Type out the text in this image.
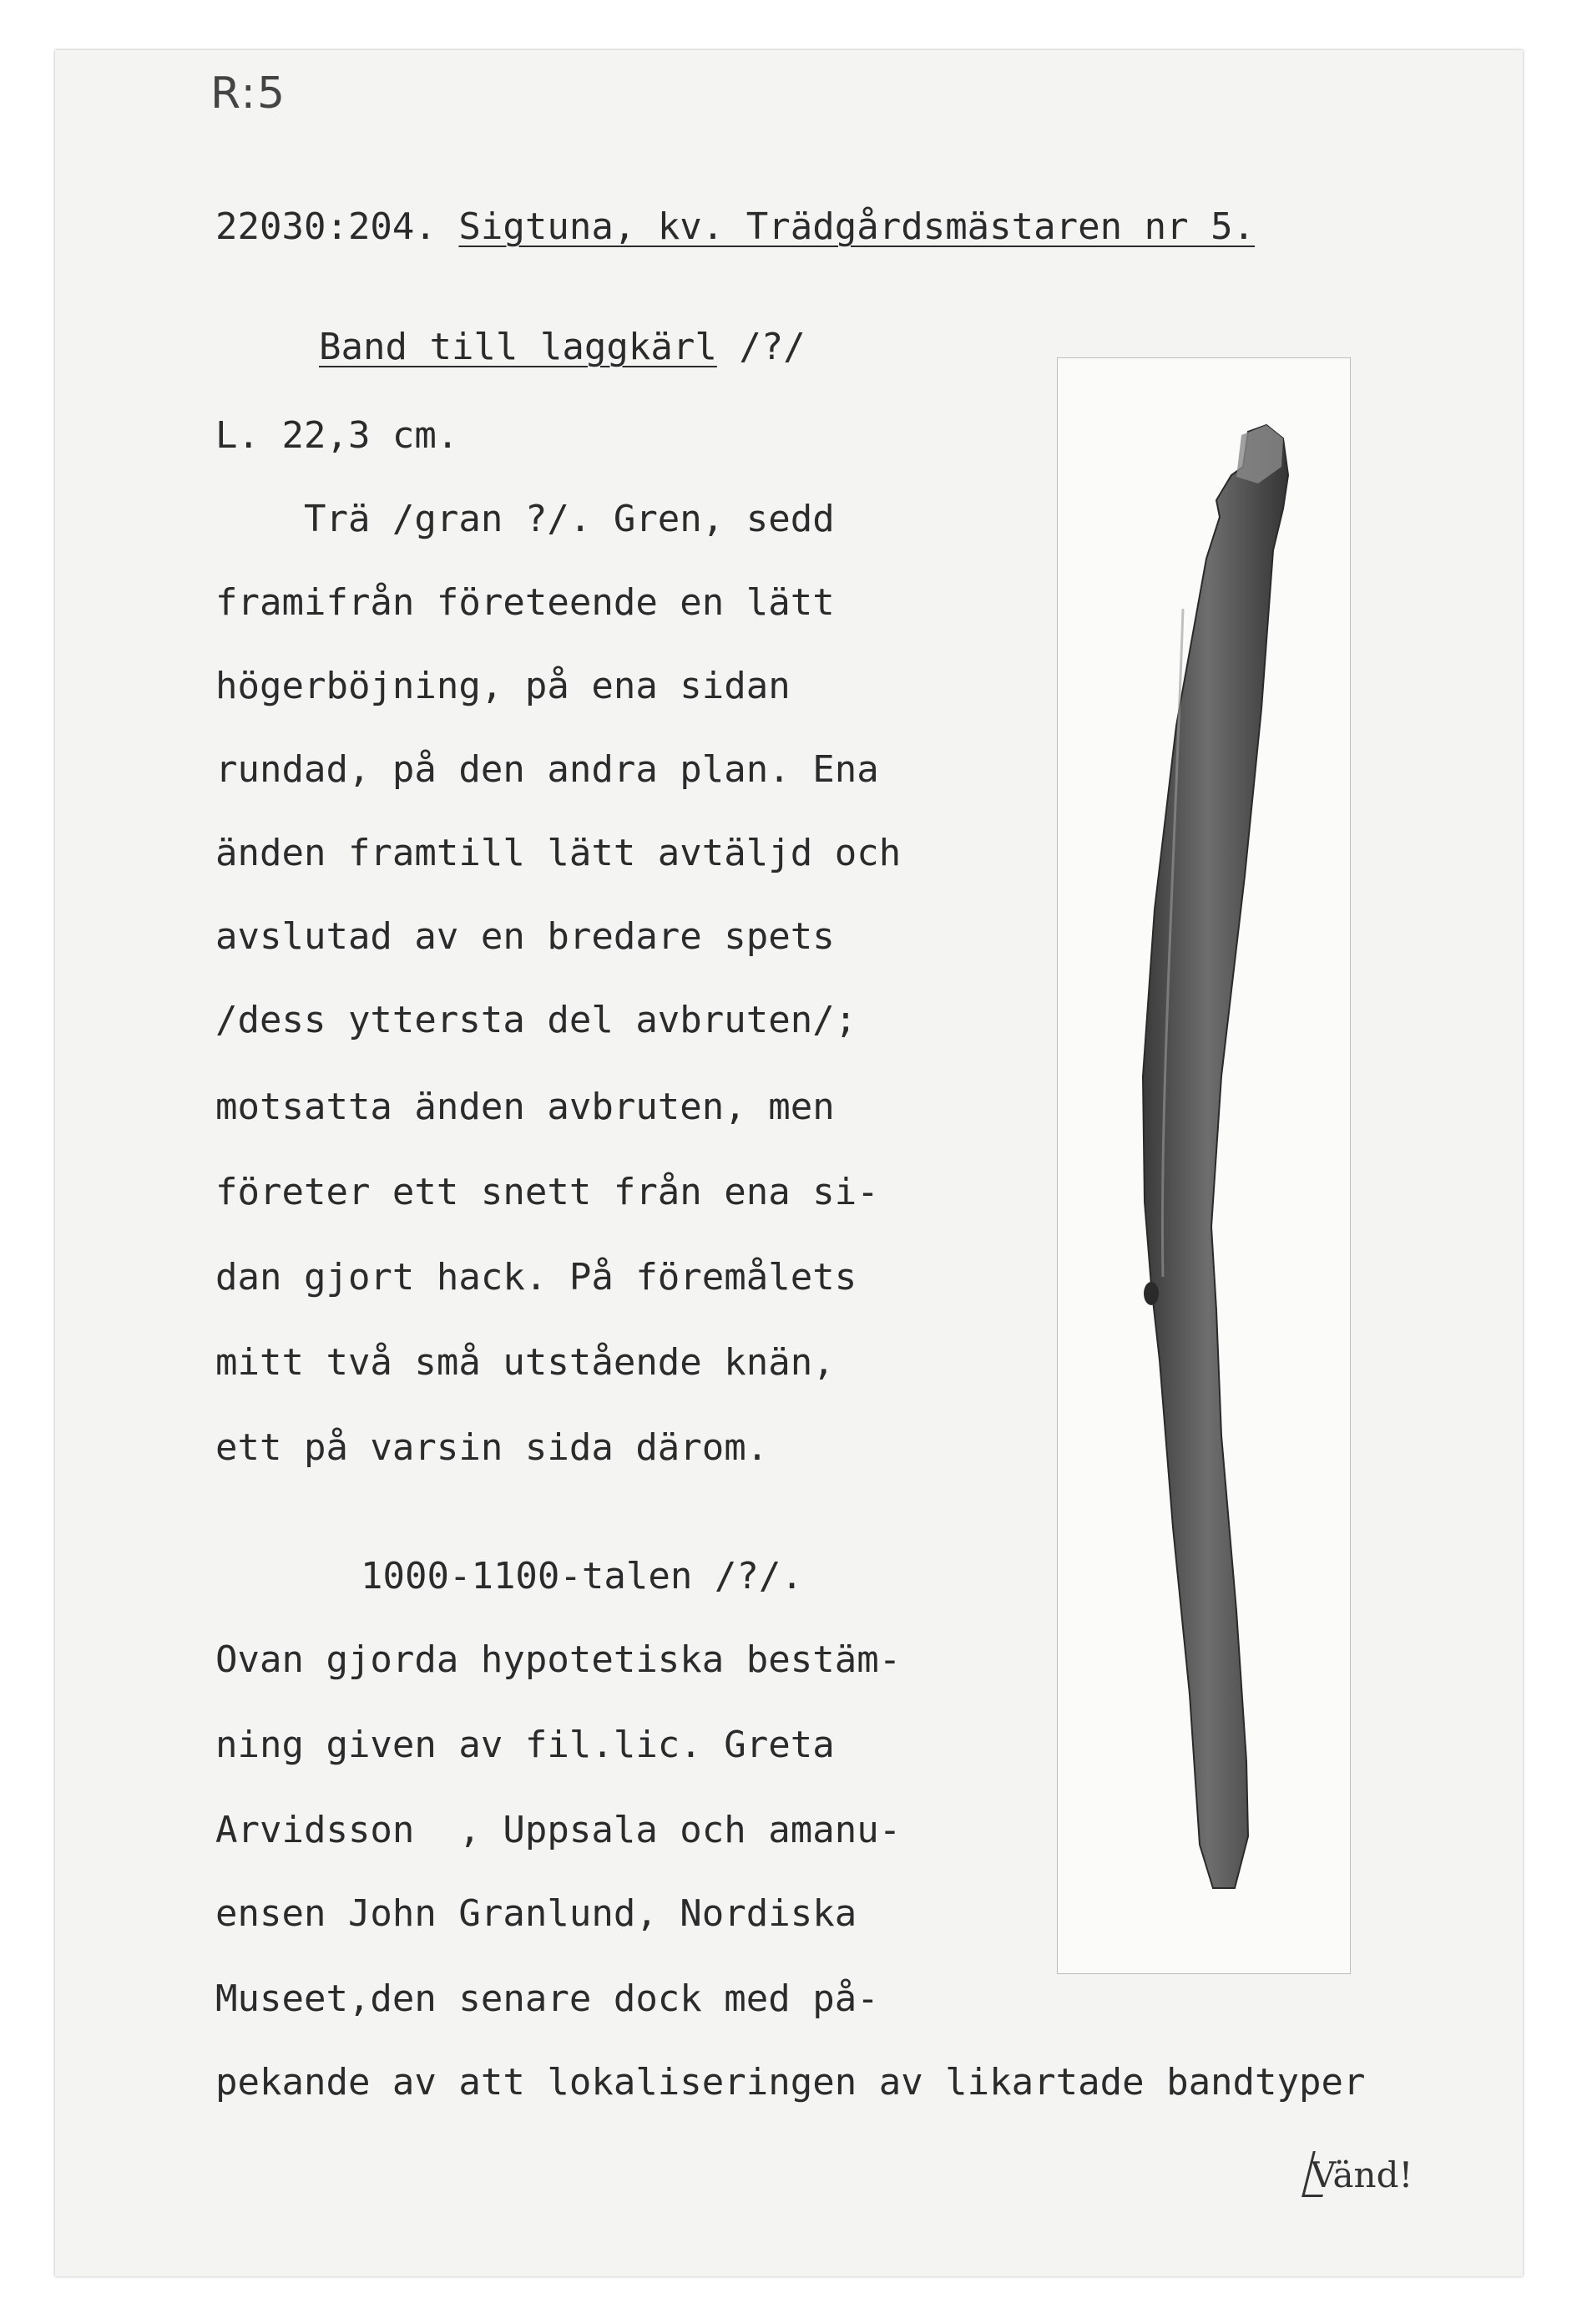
R:5
22030:204. Sigtuna, kv. Trädgårdsmästaren nr 5.
Band till laggkärl /?/
L. 22,3 cm.
Trä /gran ?/. Gren, sedd
framifrån företeende en lätt
högerböjning, på ena sidan
rundad, på den andra plan. Ena
änden framtill lätt avtäljd och
avslutad av en bredare spets
/dess yttersta del avbruten/;
motsatta änden avbruten, men
företer ett snett från ena si-
dan gjort hack. På föremålets
mitt två små utstående knän,
ett på varsin sida därom.
1000-1100-talen /?/.
Ovan gjorda hypotetiska bestäm-
ning given av fil.lic. Greta
Arvidsson  , Uppsala och amanu-
ensen John Granlund, Nordiska
Museet,den senare dock med på-
pekande av att lokaliseringen av likartade bandtyper
Vänd!
